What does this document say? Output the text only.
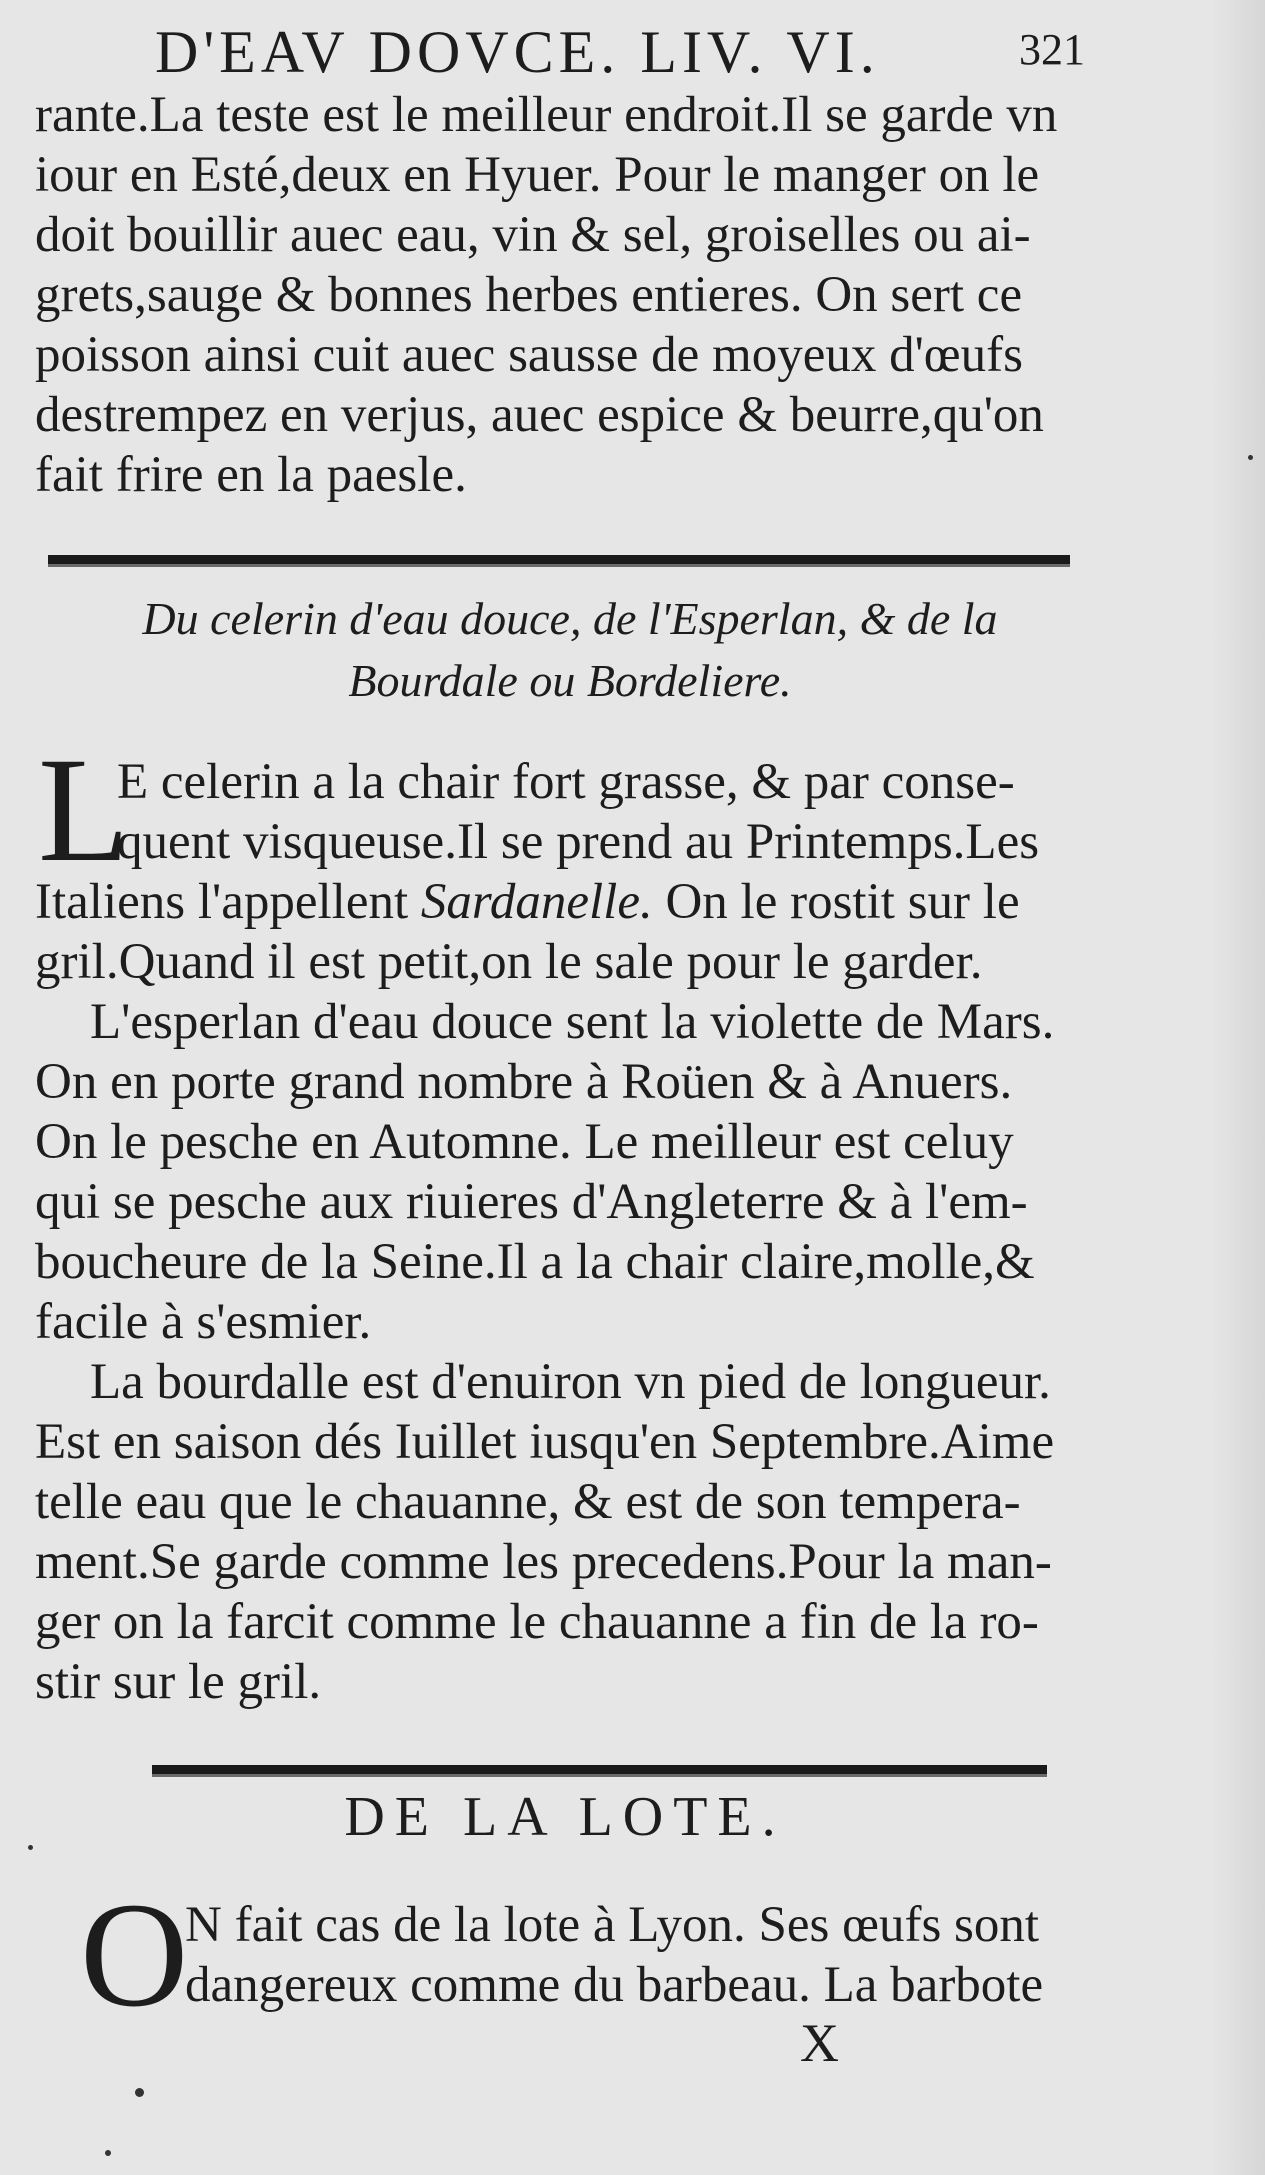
D'EAV DOVCE. LIV. VI.	321
rante.La teste est le meilleur endroit.Il se garde vn
iour en Esté,deux en Hyuer. Pour le manger on le
doit bouillir auec eau, vin & sel, groiselles ou ai-
grets,sauge & bonnes herbes entieres. On sert ce
poisson ainsi cuit auec sausse de moyeux d'œufs
destrempez en verjus, auec espice & beurre,qu'on
fait frire en la paesle.
Du celerin d'eau douce, de l'Esperlan, & de la
Bourdale ou Bordeliere.
L
E celerin a la chair fort grasse, & par conse-
quent visqueuse.Il se prend au Printemps.Les
Italiens l'appellent Sardanelle. On le rostit sur le
gril.Quand il est petit,on le sale pour le garder.
L'esperlan d'eau douce sent la violette de Mars.
On en porte grand nombre à Roüen & à Anuers.
On le pesche en Automne. Le meilleur est celuy
qui se pesche aux riuieres d'Angleterre & à l'em-
boucheure de la Seine.Il a la chair claire,molle,&
facile à s'esmier.
La bourdalle est d'enuiron vn pied de longueur.
Est en saison dés Iuillet iusqu'en Septembre.Aime
telle eau que le chauanne, & est de son tempera-
ment.Se garde comme les precedens.Pour la man-
ger on la farcit comme le chauanne a fin de la ro-
stir sur le gril.
DE LA LOTE.
O
N fait cas de la lote à Lyon. Ses œufs sont
dangereux comme du barbeau. La barbote
X
